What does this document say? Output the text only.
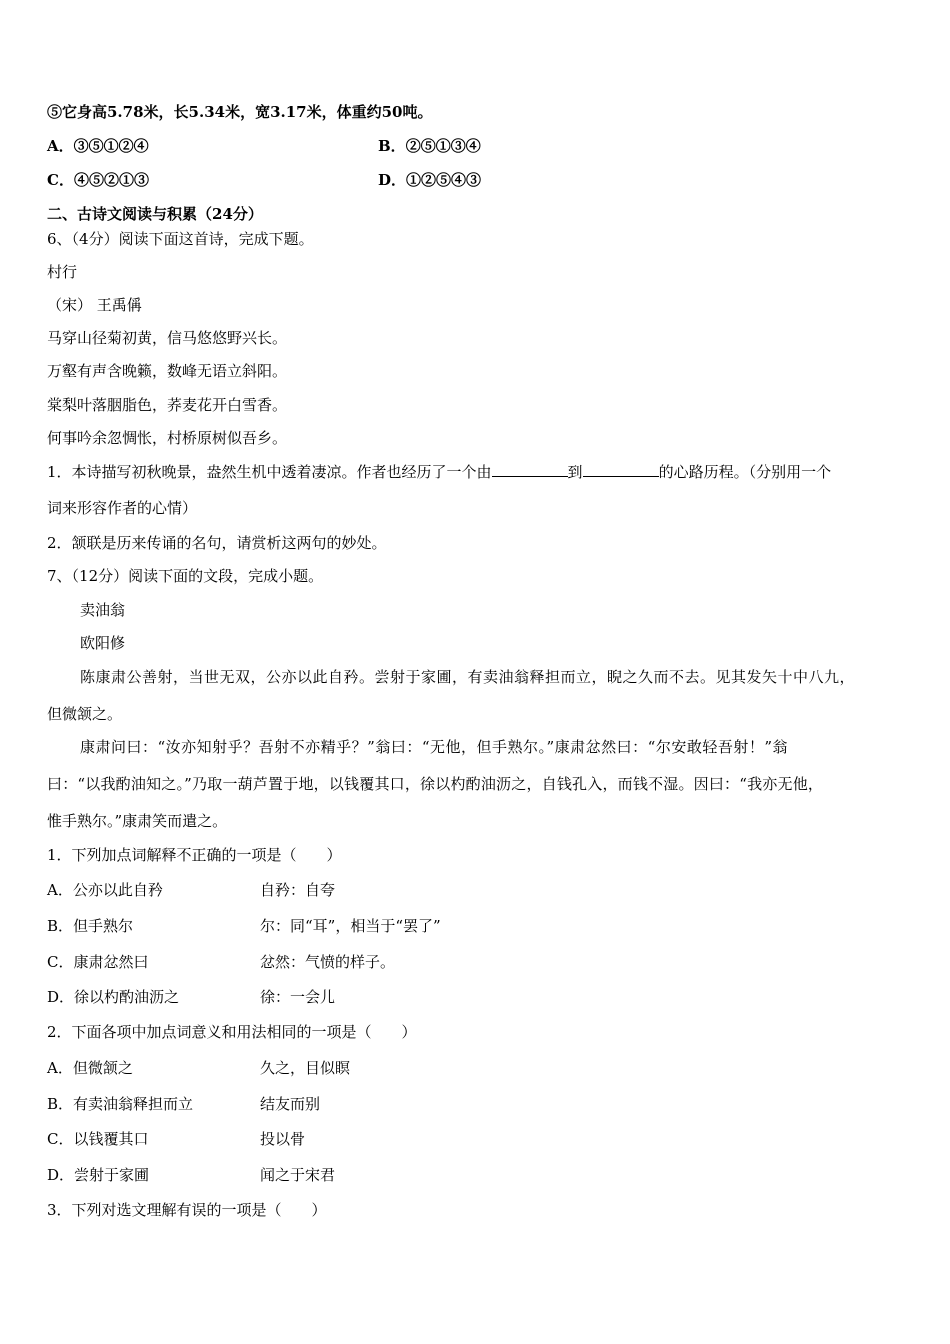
⑤它身高5.78米，长5.34米，宽3.17米，体重约50吨。
A．③⑤①②④	B．②⑤①③④
C．④⑤②①③	D．①②⑤④③
二、古诗文阅读与积累（24分）
6、（4分）阅读下面这首诗，完成下题。
村行
（宋） 王禹偁
马穿山径菊初黄，信马悠悠野兴长。
万壑有声含晚籁，数峰无语立斜阳。
棠梨叶落胭脂色，荞麦花开白雪香。
何事吟余忽惆怅，村桥原树似吾乡。
1．本诗描写初秋晚景，盎然生机中透着凄凉。作者也经历了一个由	到	的心路历程。（分别用一个
词来形容作者的心情）
2．颔联是历来传诵的名句，请赏析这两句的妙处。
7、（12分）阅读下面的文段，完成小题。
卖油翁
欧阳修
陈康肃公善射，当世无双，公亦以此自矜。尝射于家圃，有卖油翁释担而立，睨之久而不去。见其发矢十中八九，
但微颔之。
康肃问曰：“汝亦知射乎？吾射不亦精乎？”翁曰：“无他，但手熟尔。”康肃忿然曰：“尔安敢轻吾射！”翁
曰：“以我酌油知之。”乃取一葫芦置于地，以钱覆其口，徐以杓酌油沥之，自钱孔入，而钱不湿。因曰：“我亦无他，
惟手熟尔。”康肃笑而遣之。
1．下列加点词解释不正确的一项是（　　）
A．公亦以此自矜	自矜：自夸
B．但手熟尔	尔：同“耳”，相当于“罢了”
C．康肃忿然曰	忿然：气愤的样子。
D．徐以杓酌油沥之	徐：一会儿
2．下面各项中加点词意义和用法相同的一项是（　　）
A．但微颔之	久之，目似瞑
B．有卖油翁释担而立	结友而别
C．以钱覆其口	投以骨
D．尝射于家圃	闻之于宋君
3．下列对选文理解有误的一项是（　　）
